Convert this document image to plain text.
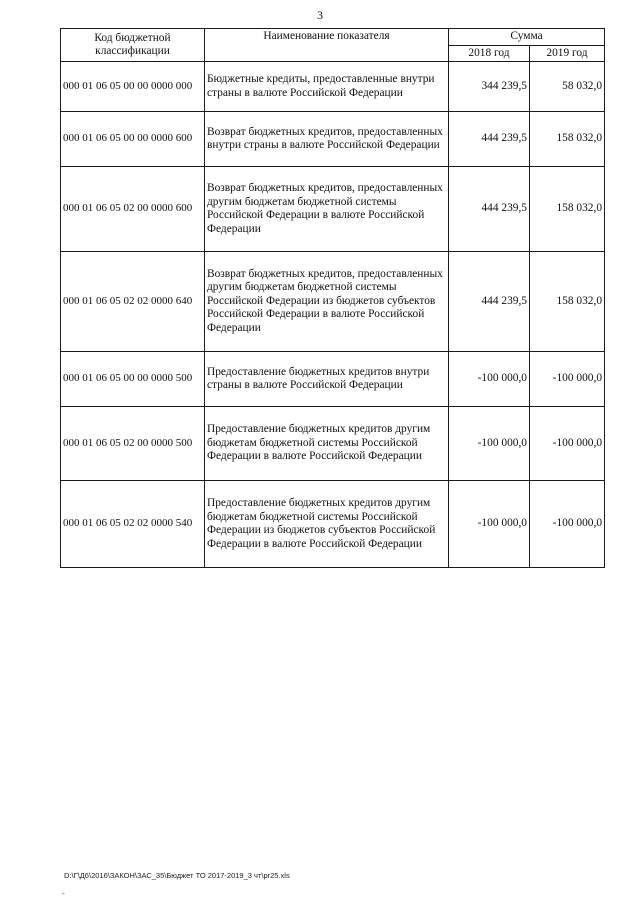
3
Код бюджетной классификации	Наименование показателя	Сумма	
		2018 год	2019 год
000 01 06 05 00 00 0000 000	Бюджетные кредиты, предоставленные внутри страны в валюте Российской Федерации	344 239,5	58 032,0
000 01 06 05 00 00 0000 600	Возврат бюджетных кредитов, предоставленных внутри страны в валюте Российской Федерации	444 239,5	158 032,0
000 01 06 05 02 00 0000 600	Возврат бюджетных кредитов, предоставленных другим бюджетам бюджетной системы Российской Федерации в валюте Российской Федерации	444 239,5	158 032,0
000 01 06 05 02 02 0000 640	Возврат бюджетных кредитов, предоставленных другим бюджетам бюджетной системы Российской Федерации из бюджетов субъектов Российской Федерации в валюте Российской Федерации	444 239,5	158 032,0
000 01 06 05 00 00 0000 500	Предоставление бюджетных кредитов внутри страны в валюте Российской Федерации	-100 000,0	-100 000,0
000 01 06 05 02 00 0000 500	Предоставление бюджетных кредитов другим бюджетам бюджетной системы Российской Федерации в валюте Российской Федерации	-100 000,0	-100 000,0
000 01 06 05 02 02 0000 540	Предоставление бюджетных кредитов другим бюджетам бюджетной системы Российской Федерации из бюджетов субъектов Российской Федерации в валюте Российской Федерации	-100 000,0	-100 000,0
D:\Г\Д6\2016\ЗАКОН\ЗАС_35\Бюджет ТО 2017-2019_3 чт\pr25.xls
-
